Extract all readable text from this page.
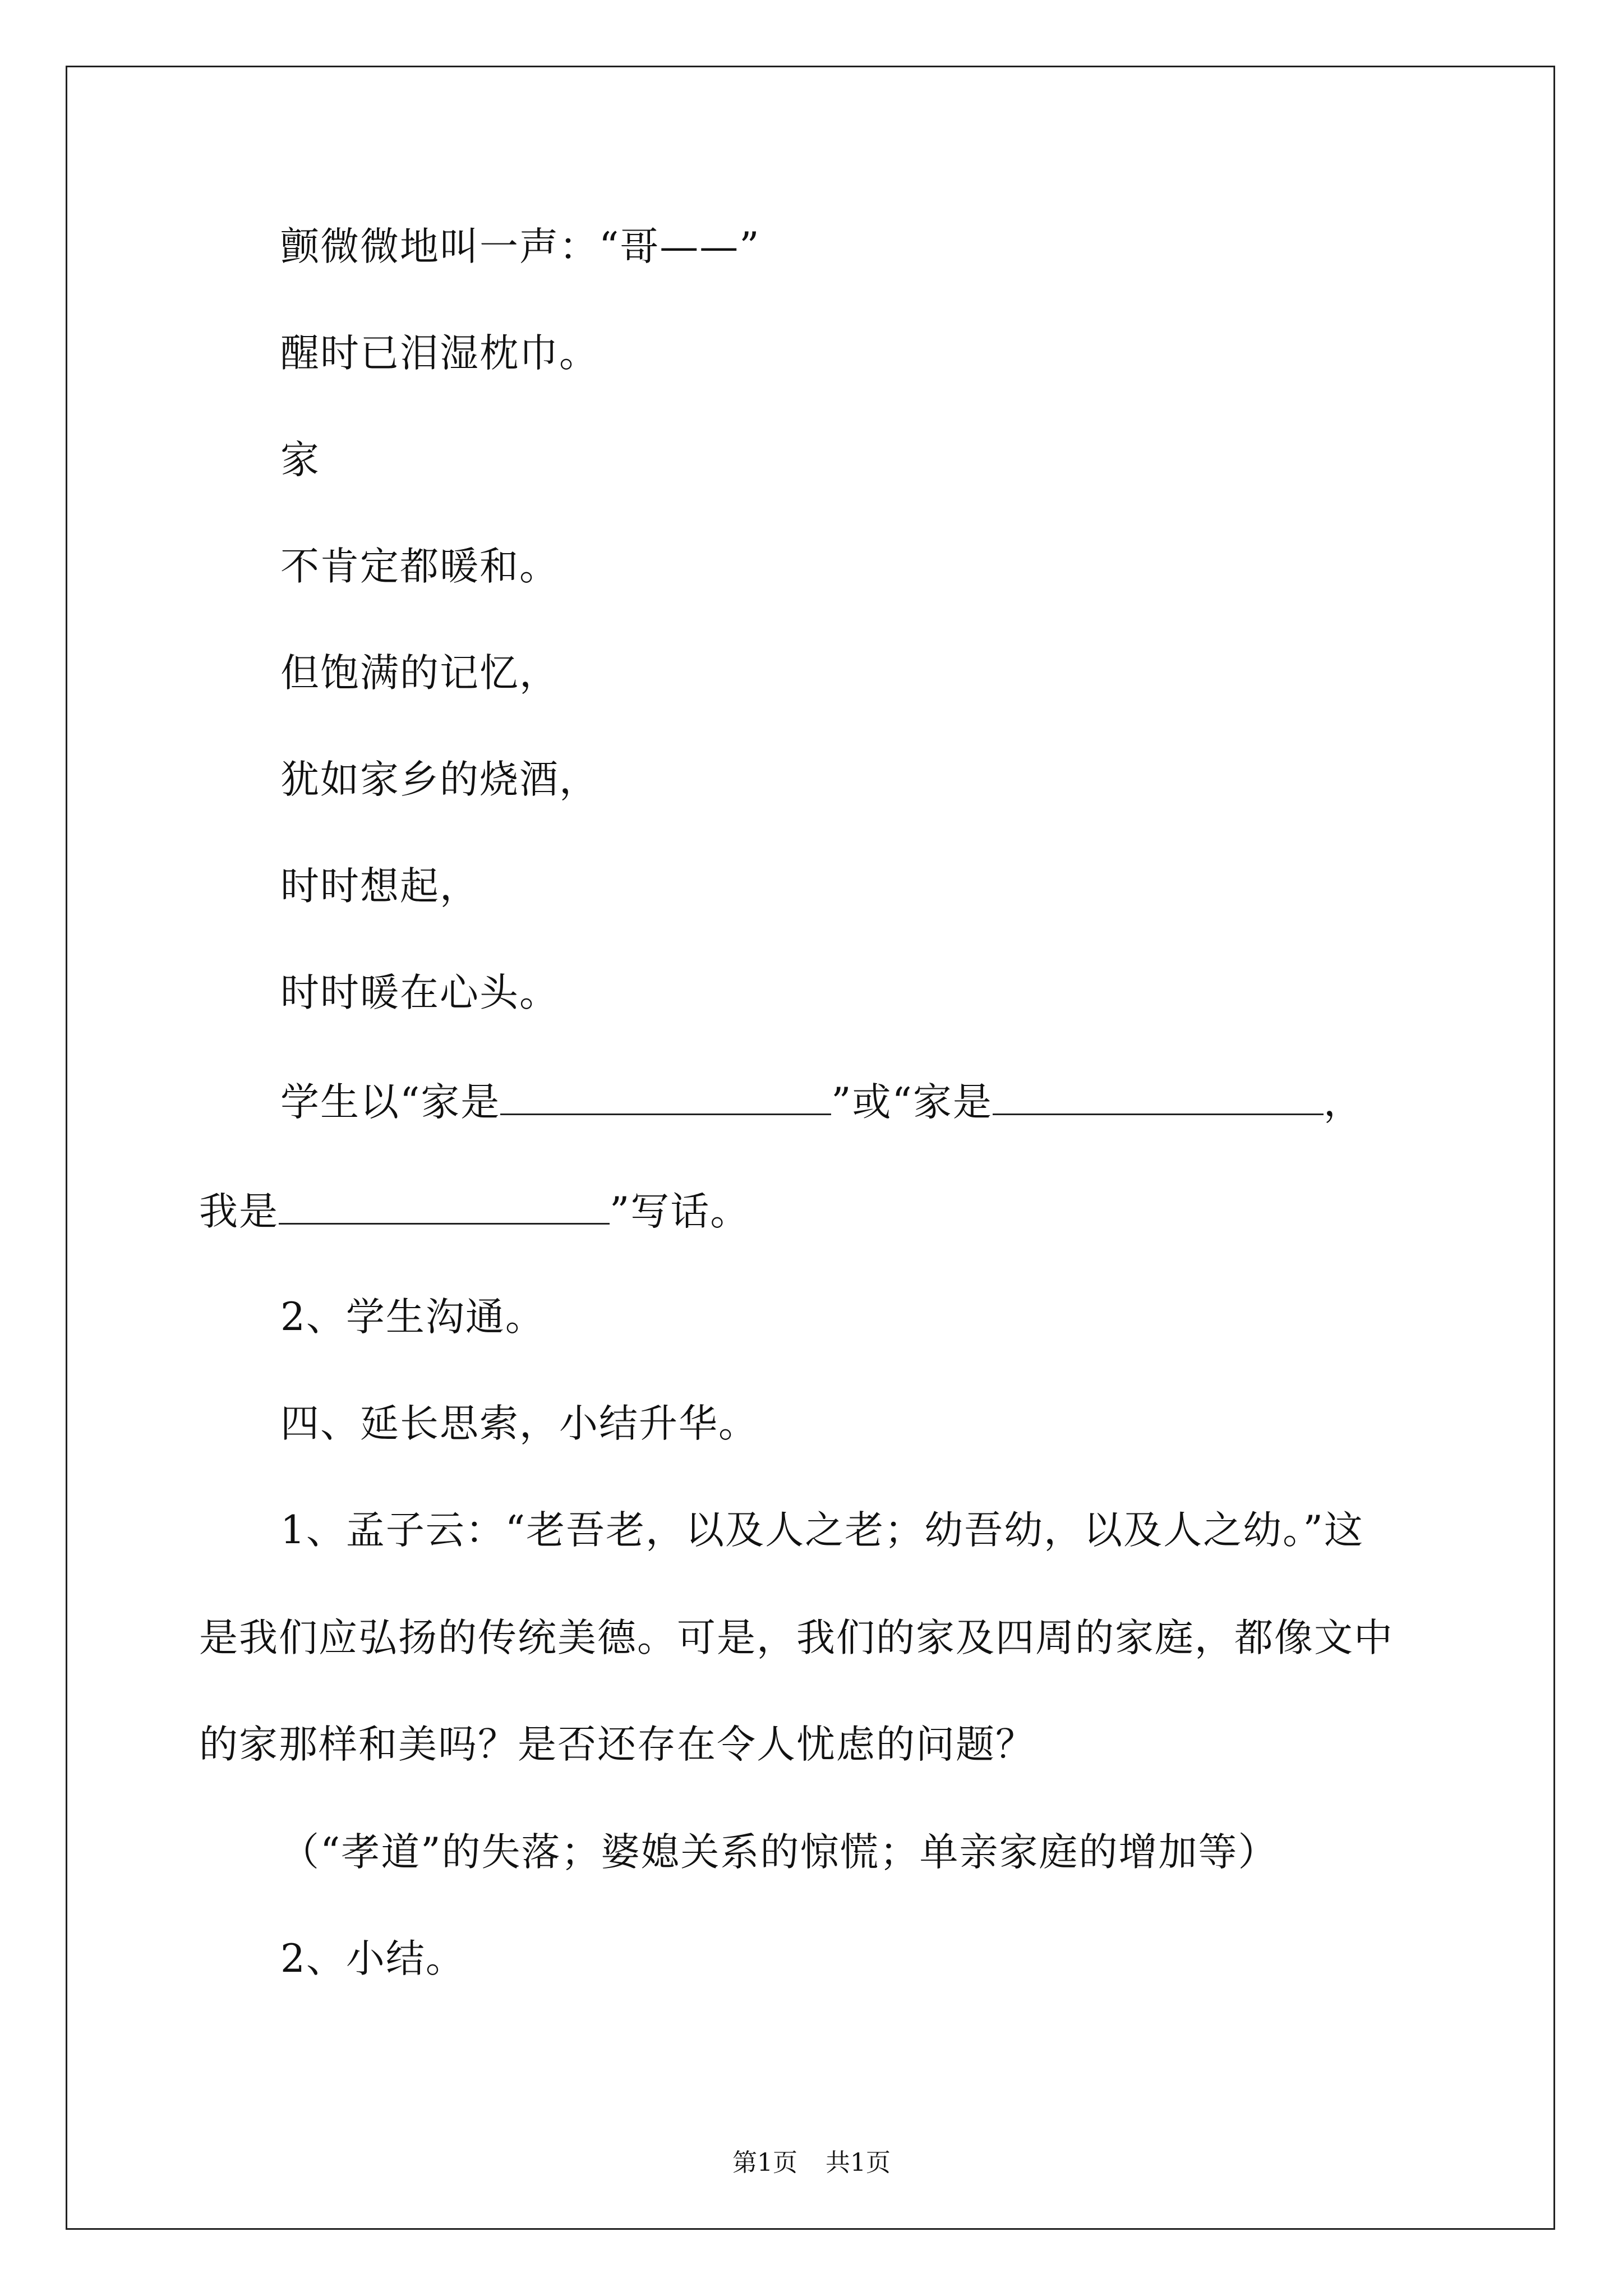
颤微微地叫一声：“哥——”
醒时已泪湿枕巾。
家
不肯定都暖和。
但饱满的记忆，
犹如家乡的烧酒，
时时想起，
时时暖在心头。
学生以“家是	”或“家是	，
我是	”写话。
2、学生沟通。
四、延长思索，小结升华。
1、孟子云：“老吾老，以及人之老；幼吾幼，以及人之幼。”这
是我们应弘扬的传统美德。可是，我们的家及四周的家庭，都像文中
的家那样和美吗？是否还存在令人忧虑的问题？
（“孝道”的失落；婆媳关系的惊慌；单亲家庭的增加等）
2、小结。
第1页 共1页
